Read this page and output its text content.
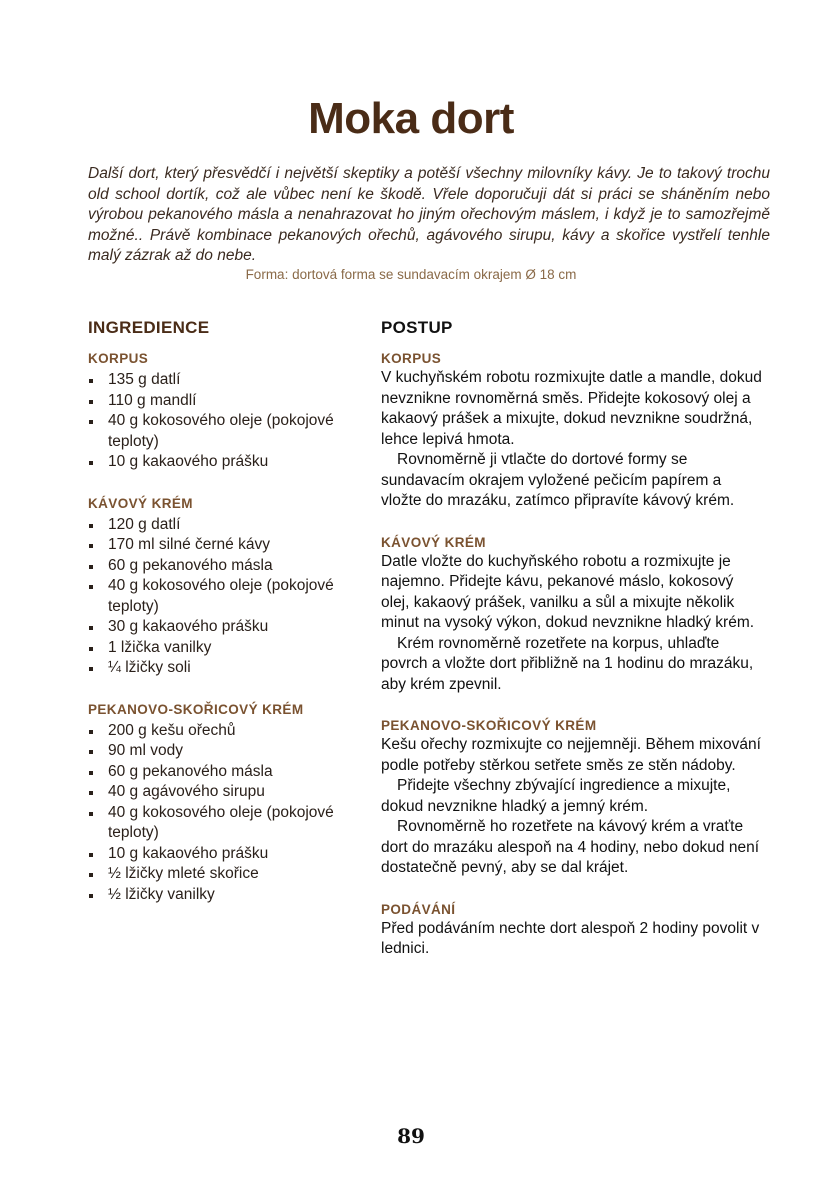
Moka dort

Další dort, který přesvědčí i největší skeptiky a potěší všechny milovníky kávy. Je to takový trochu old school dortík, což ale vůbec není ke škodě. Vřele doporučuji dát si práci se sháněním nebo výrobou pekanového másla a nenahrazovat ho jiným ořechovým máslem, i když je to samozřejmě možné.. Právě kombinace pekanových ořechů, agávového sirupu, kávy a skořice vystřelí tenhle malý zázrak až do nebe.

Forma: dortová forma se sundavacím okrajem Ø 18 cm
INGREDIENCE
KORPUS
135 g datlí
110 g mandlí
40 g kokosového oleje (pokojové teploty)
10 g kakaového prášku
KÁVOVÝ KRÉM
120 g datlí
170 ml silné černé kávy
60 g pekanového másla
40 g kokosového oleje (pokojové teploty)
30 g kakaového prášku
1 lžička vanilky
¼ lžičky soli
PEKANOVO-SKOŘICOVÝ KRÉM
200 g kešu ořechů
90 ml vody
60 g pekanového másla
40 g agávového sirupu
40 g kokosového oleje (pokojové teploty)
10 g kakaového prášku
½ lžičky mleté skořice
½ lžičky vanilky
POSTUP
KORPUS

V kuchyňském robotu rozmixujte datle a mandle, dokud nevznikne rovnoměrná směs. Přidejte kokosový olej a kakaový prášek a mixujte, dokud nevznikne soudržná, lehce lepivá hmota.

Rovnoměrně ji vtlačte do dortové formy se sundavacím okrajem vyložené pečicím papírem a vložte do mrazáku, zatímco připravíte kávový krém.

KÁVOVÝ KRÉM

Datle vložte do kuchyňského robotu a rozmixujte je najemno. Přidejte kávu, pekanové máslo, kokosový olej, kakaový prášek, vanilku a sůl a mixujte několik minut na vysoký výkon, dokud nevznikne hladký krém.

Krém rovnoměrně rozetřete na korpus, uhlaďte povrch a vložte dort přibližně na 1 hodinu do mrazáku, aby krém zpevnil.

PEKANOVO-SKOŘICOVÝ KRÉM

Kešu ořechy rozmixujte co nejjemněji. Během mixování podle potřeby stěrkou setřete směs ze stěn nádoby.

Přidejte všechny zbývající ingredience a mixujte, dokud nevznikne hladký a jemný krém.

Rovnoměrně ho rozetřete na kávový krém a vraťte dort do mrazáku alespoň na 4 hodiny, nebo dokud není dostatečně pevný, aby se dal krájet.

PODÁVÁNÍ

Před podáváním nechte dort alespoň 2 hodiny povolit v lednici.

89
